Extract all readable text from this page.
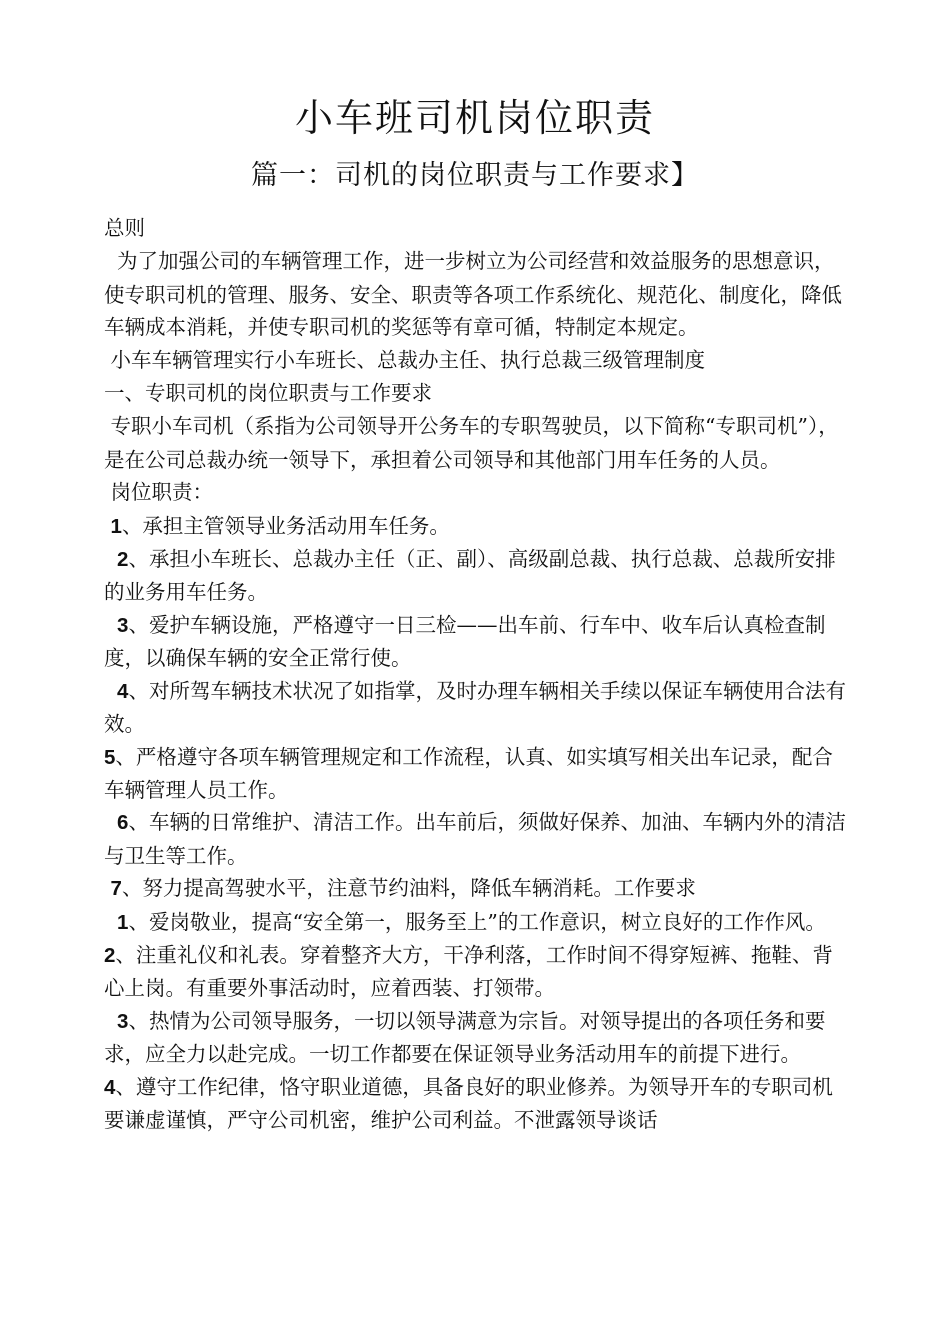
小车班司机岗位职责
篇一：司机的岗位职责与工作要求】

总则

为了加强公司的车辆管理工作，进一步树立为公司经营和效益服务的思想意识，使专职司机的管理、服务、安全、职责等各项工作系统化、规范化、制度化，降低车辆成本消耗，并使专职司机的奖惩等有章可循，特制定本规定。

小车车辆管理实行小车班长、总裁办主任、执行总裁三级管理制度

一、专职司机的岗位职责与工作要求

专职小车司机（系指为公司领导开公务车的专职驾驶员，以下简称“专职司机”），是在公司总裁办统一领导下，承担着公司领导和其他部门用车任务的人员。

岗位职责：

1、承担主管领导业务活动用车任务。

2、承担小车班长、总裁办主任（正、副）、高级副总裁、执行总裁、总裁所安排的业务用车任务。

3、爱护车辆设施，严格遵守一日三检——出车前、行车中、收车后认真检查制度，以确保车辆的安全正常行使。

4、对所驾车辆技术状况了如指掌，及时办理车辆相关手续以保证车辆使用合法有效。

5、严格遵守各项车辆管理规定和工作流程，认真、如实填写相关出车记录，配合车辆管理人员工作。

6、车辆的日常维护、清洁工作。出车前后，须做好保养、加油、车辆内外的清洁与卫生等工作。

7、努力提高驾驶水平，注意节约油料，降低车辆消耗。工作要求

1、爱岗敬业，提高“安全第一，服务至上”的工作意识，树立良好的工作作风。

2、注重礼仪和礼表。穿着整齐大方，干净利落，工作时间不得穿短裤、拖鞋、背心上岗。有重要外事活动时，应着西装、打领带。

3、热情为公司领导服务，一切以领导满意为宗旨。对领导提出的各项任务和要求，应全力以赴完成。一切工作都要在保证领导业务活动用车的前提下进行。

4、遵守工作纪律，恪守职业道德，具备良好的职业修养。为领导开车的专职司机要谦虚谨慎，严守公司机密，维护公司利益。不泄露领导谈话
